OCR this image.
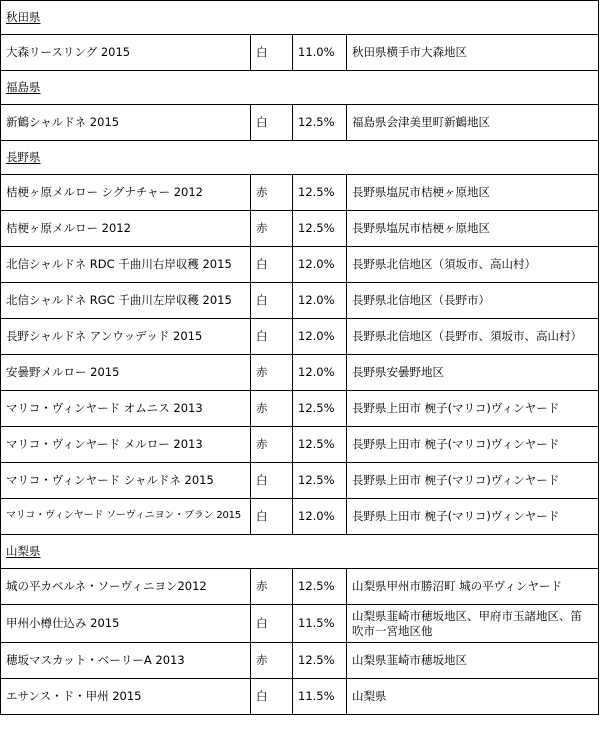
秋田県			
大森リースリング 2015	白	11.0%	秋田県横手市大森地区
福島県			
新鶴シャルドネ 2015	白	12.5%	福島県会津美里町新鶴地区
長野県			
桔梗ヶ原メルロー シグナチャー 2012	赤	12.5%	長野県塩尻市桔梗ヶ原地区
桔梗ヶ原メルロー 2012	赤	12.5%	長野県塩尻市桔梗ヶ原地区
北信シャルドネ RDC 千曲川右岸収穫 2015	白	12.0%	長野県北信地区（須坂市、高山村）
北信シャルドネ RGC 千曲川左岸収穫 2015	白	12.0%	長野県北信地区（長野市）
長野シャルドネ アンウッデッド 2015	白	12.0%	長野県北信地区（長野市、須坂市、高山村）
安曇野メルロー 2015	赤	12.0%	長野県安曇野地区
マリコ・ヴィンヤード オムニス 2013	赤	12.5%	長野県上田市 椀子(マリコ)ヴィンヤード
マリコ・ヴィンヤード メルロー 2013	赤	12.5%	長野県上田市 椀子(マリコ)ヴィンヤード
マリコ・ヴィンヤード シャルドネ 2015	白	12.5%	長野県上田市 椀子(マリコ)ヴィンヤード
マリコ・ヴィンヤード ソーヴィニヨン・ブラン 2015	白	12.0%	長野県上田市 椀子(マリコ)ヴィンヤード
山梨県			
城の平カベルネ・ソーヴィニヨン2012	赤	12.5%	山梨県甲州市勝沼町 城の平ヴィンヤード
甲州小樽仕込み 2015	白	11.5%	山梨県韮崎市穂坂地区、甲府市玉諸地区、笛吹市一宮地区他
穂坂マスカット・ベーリーA 2013	赤	12.5%	山梨県韮崎市穂坂地区
エサンス・ド・甲州 2015	白	11.5%	山梨県
